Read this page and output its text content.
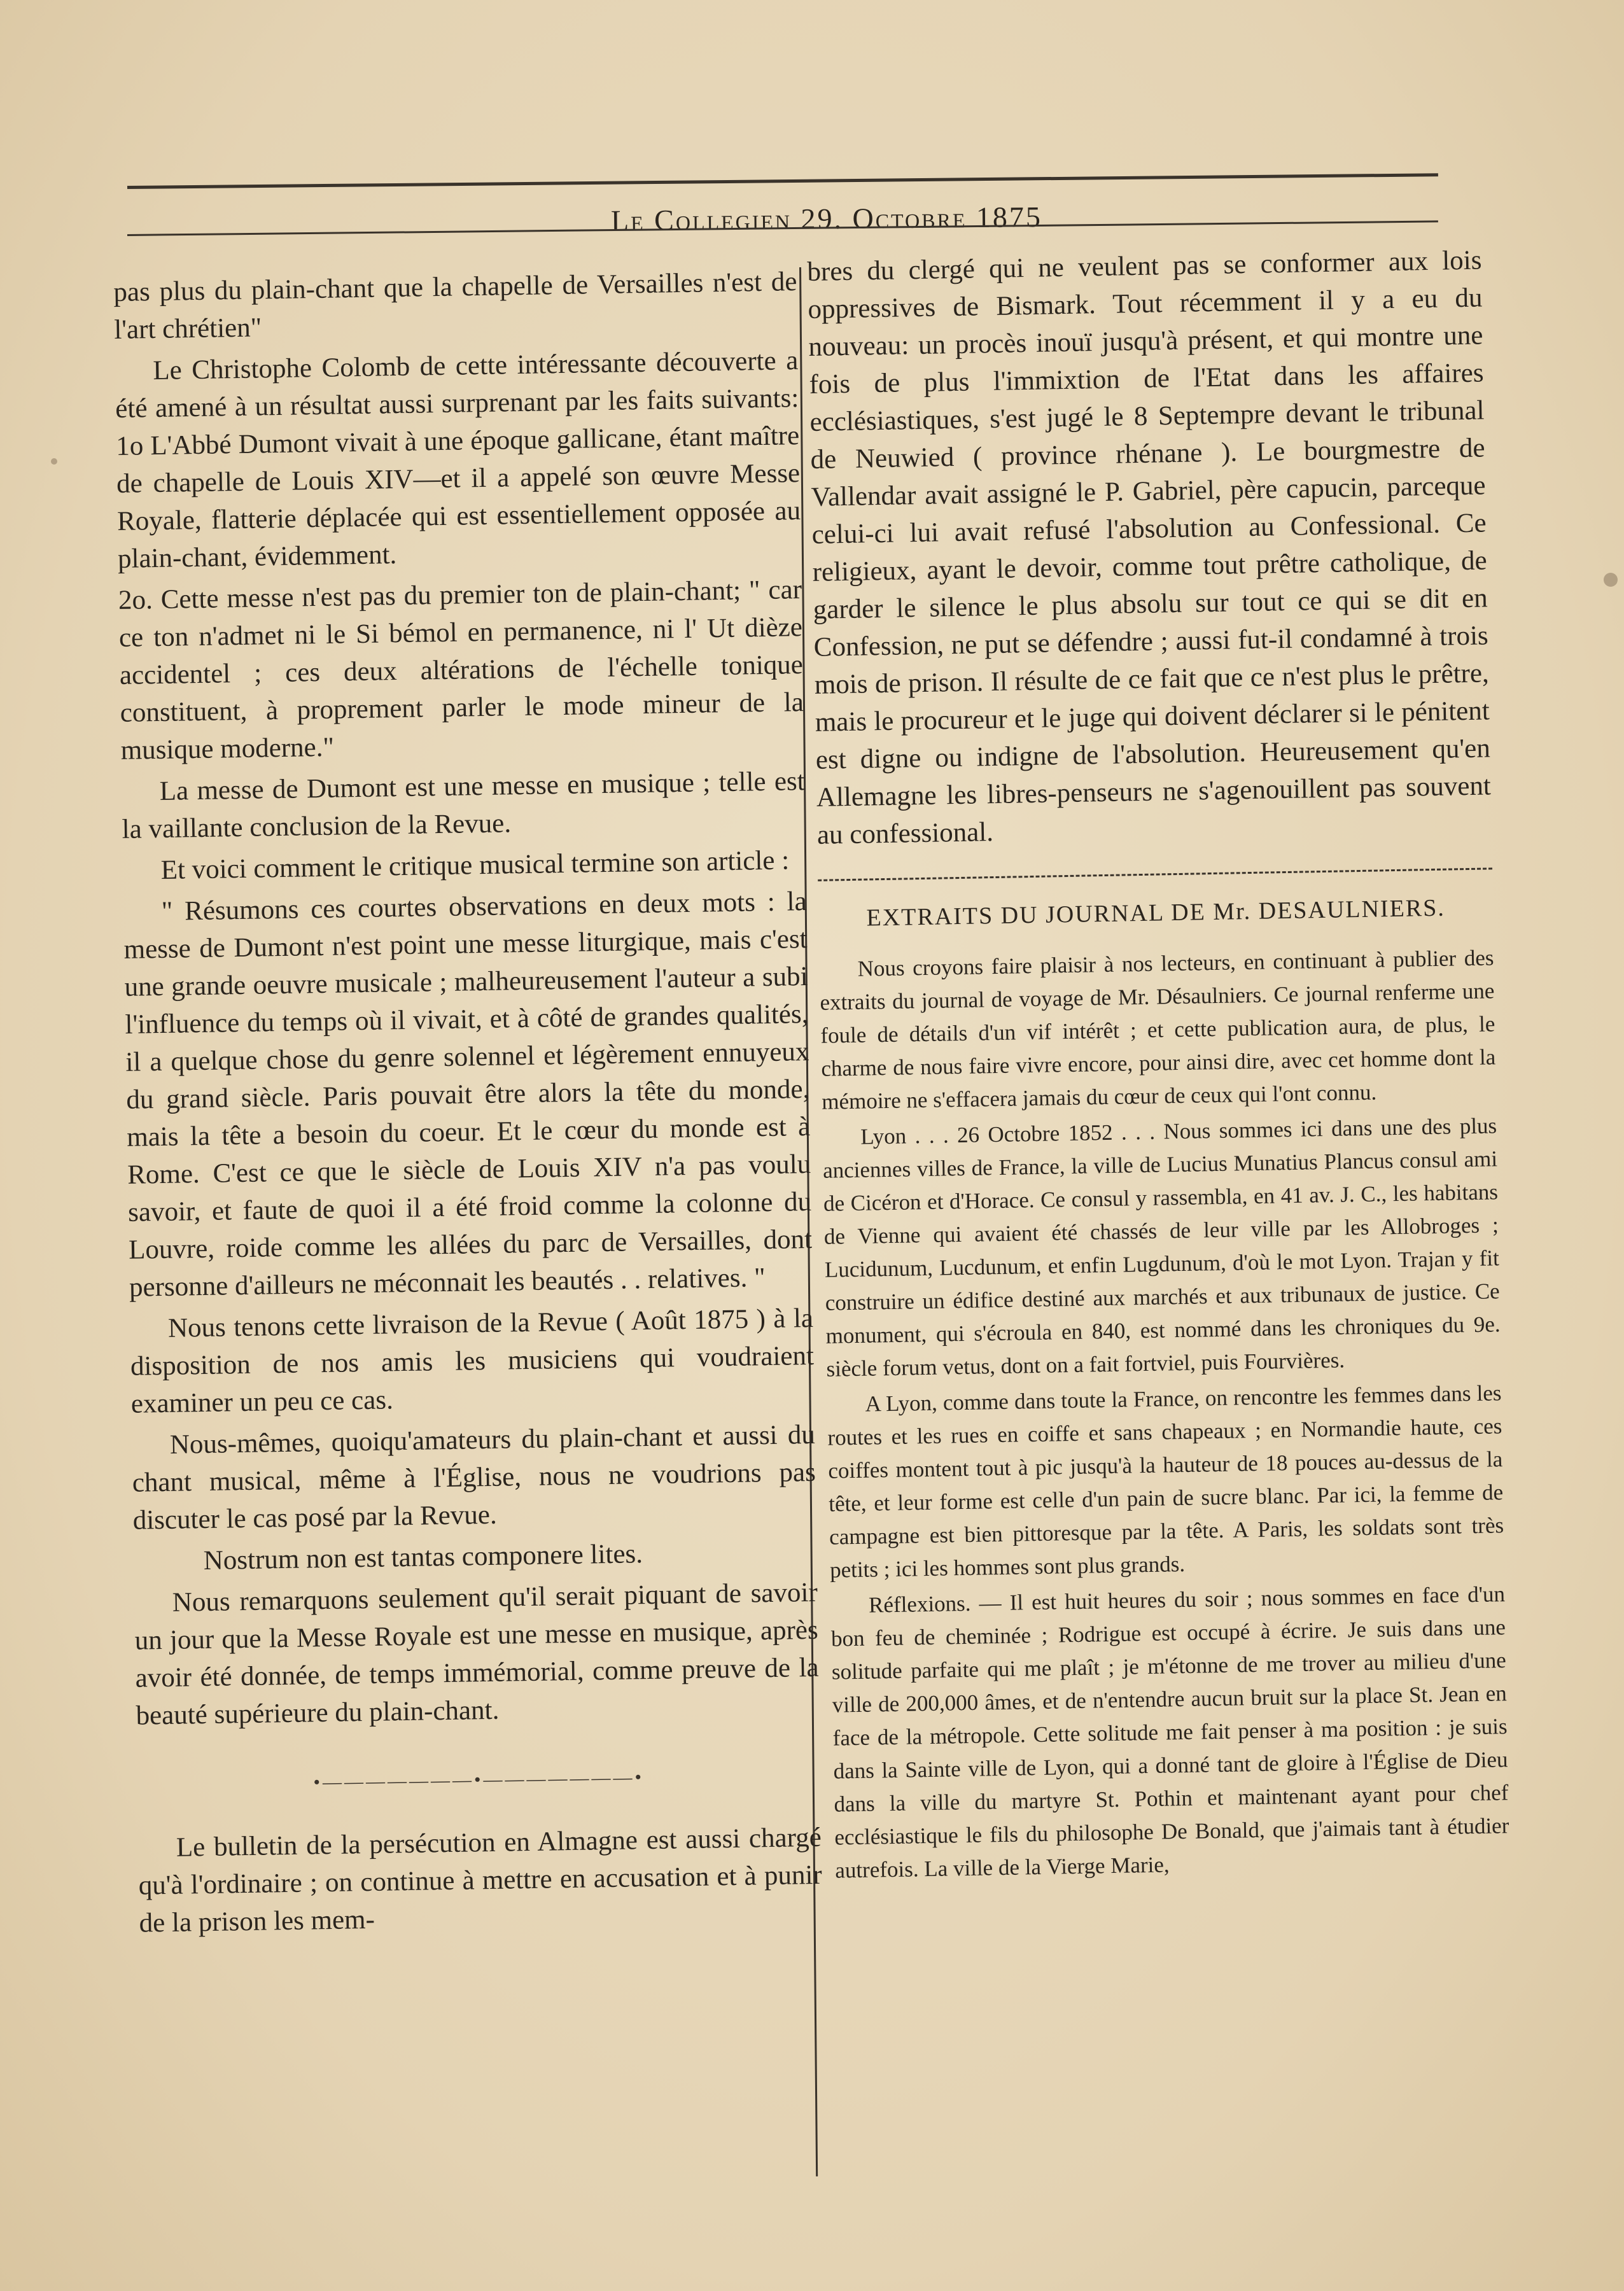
Le Collegien 29. Octobre 1875

pas plus du plain-chant que la chapelle de Versailles n'est de l'art chrétien"

Le Christophe Colomb de cette intéressante découverte a été amené à un résultat aussi surprenant par les faits suivants: 1o L'Abbé Dumont vivait à une époque gallicane, étant maître de chapelle de Louis XIV—et il a appelé son œuvre Messe Royale, flatterie déplacée qui est essentiellement opposée au plain-chant, évidemment.

2o. Cette messe n'est pas du premier ton de plain-chant; " car ce ton n'admet ni le Si bémol en permanence, ni l' Ut dièze accidentel ; ces deux altérations de l'échelle tonique constituent, à proprement parler le mode mineur de la musique moderne."

La messe de Dumont est une messe en musique ; telle est la vaillante conclusion de la Revue.

Et voici comment le critique musical termine son article :

" Résumons ces courtes observations en deux mots : la messe de Dumont n'est point une messe liturgique, mais c'est une grande oeuvre musicale ; malheureusement l'auteur a subi l'influence du temps où il vivait, et à côté de grandes qualités, il a quelque chose du genre solennel et légèrement ennuyeux du grand siècle. Paris pouvait être alors la tête du monde, mais la tête a besoin du coeur. Et le cœur du monde est à Rome. C'est ce que le siècle de Louis XIV n'a pas voulu savoir, et faute de quoi il a été froid comme la colonne du Louvre, roide comme les allées du parc de Versailles, dont personne d'ailleurs ne méconnait les beautés . . relatives. "

Nous tenons cette livraison de la Revue ( Août 1875 ) à la disposition de nos amis les musiciens qui voudraient examiner un peu ce cas.

Nous-mêmes, quoiqu'amateurs du plain-chant et aussi du chant musical, même à l'Église, nous ne voudrions pas discuter le cas posé par la Revue.

Nostrum non est tantas componere lites.

Nous remarquons seulement qu'il serait piquant de savoir un jour que la Messe Royale est une messe en musique, après avoir été donnée, de temps immémorial, comme preuve de la beauté supérieure du plain-chant.

•———————•———————•

Le bulletin de la persécution en Almagne est aussi chargé qu'à l'ordinaire ; on continue à mettre en accusation et à punir de la prison les mem-

bres du clergé qui ne veulent pas se conformer aux lois oppressives de Bismark. Tout récemment il y a eu du nouveau: un procès inouï jusqu'à présent, et qui montre une fois de plus l'immixtion de l'Etat dans les affaires ecclésiastiques, s'est jugé le 8 Septempre devant le tribunal de Neuwied ( province rhénane ). Le bourgmestre de Vallendar avait assigné le P. Gabriel, père capucin, parceque celui-ci lui avait refusé l'absolution au Confessional. Ce religieux, ayant le devoir, comme tout prêtre catholique, de garder le silence le plus absolu sur tout ce qui se dit en Confession, ne put se défendre ; aussi fut-il condamné à trois mois de prison. Il résulte de ce fait que ce n'est plus le prêtre, mais le procureur et le juge qui doivent déclarer si le pénitent est digne ou indigne de l'absolution. Heureusement qu'en Allemagne les libres-penseurs ne s'agenouillent pas souvent au confessional.

EXTRAITS DU JOURNAL DE Mr. DESAULNIERS.

Nous croyons faire plaisir à nos lecteurs, en continuant à publier des extraits du journal de voyage de Mr. Désaulniers. Ce journal renferme une foule de détails d'un vif intérêt ; et cette publication aura, de plus, le charme de nous faire vivre encore, pour ainsi dire, avec cet homme dont la mémoire ne s'effacera jamais du cœur de ceux qui l'ont connu.

Lyon . . . 26 Octobre 1852 . . . Nous sommes ici dans une des plus anciennes villes de France, la ville de Lucius Munatius Plancus consul ami de Cicéron et d'Horace. Ce consul y rassembla, en 41 av. J. C., les habitans de Vienne qui avaient été chassés de leur ville par les Allobroges ; Lucidunum, Lucdunum, et enfin Lugdunum, d'où le mot Lyon. Trajan y fit construire un édifice destiné aux marchés et aux tribunaux de justice. Ce monument, qui s'écroula en 840, est nommé dans les chroniques du 9e. siècle forum vetus, dont on a fait fortviel, puis Fourvières.

A Lyon, comme dans toute la France, on rencontre les femmes dans les routes et les rues en coiffe et sans chapeaux ; en Normandie haute, ces coiffes montent tout à pic jusqu'à la hauteur de 18 pouces au-dessus de la tête, et leur forme est celle d'un pain de sucre blanc. Par ici, la femme de campagne est bien pittoresque par la tête. A Paris, les soldats sont très petits ; ici les hommes sont plus grands.

Réflexions. — Il est huit heures du soir ; nous sommes en face d'un bon feu de cheminée ; Rodrigue est occupé à écrire. Je suis dans une solitude parfaite qui me plaît ; je m'étonne de me trover au milieu d'une ville de 200,000 âmes, et de n'entendre aucun bruit sur la place St. Jean en face de la métropole. Cette solitude me fait penser à ma position : je suis dans la Sainte ville de Lyon, qui a donné tant de gloire à l'Église de Dieu dans la ville du martyre St. Pothin et maintenant ayant pour chef ecclésiastique le fils du philosophe De Bonald, que j'aimais tant à étudier autrefois. La ville de la Vierge Marie,
